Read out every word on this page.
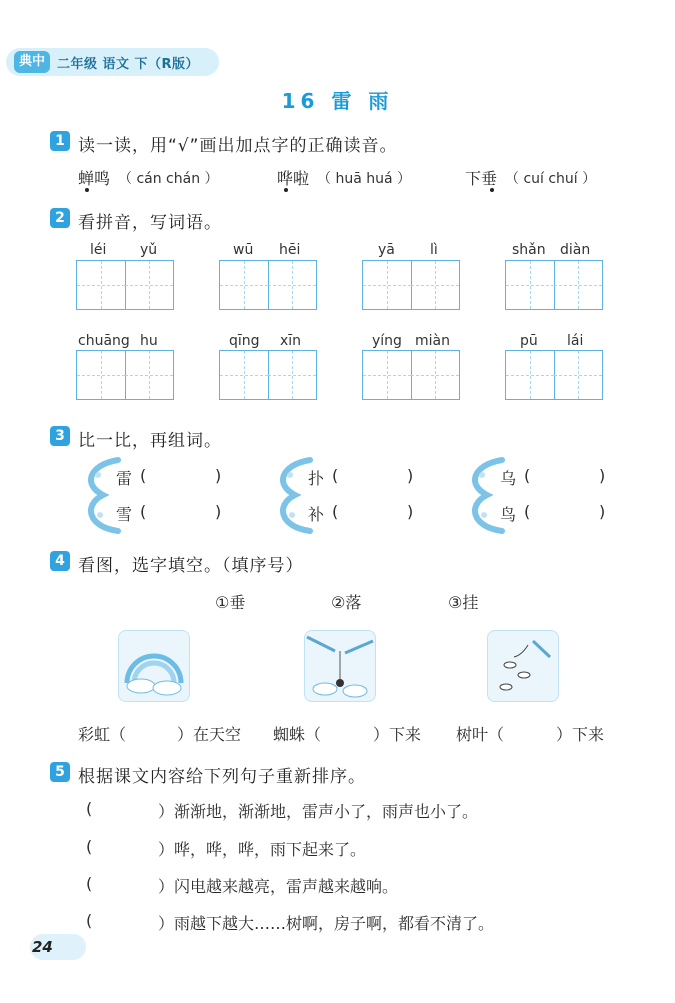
典中点
二年级 语文 下（R版）
16 雷 雨
1 读一读，用“√”画出加点字的正确读音。
蝉鸣 （ cán chán ）	哗啦 （ huā huá ）	下垂 （ cuí chuí ）
2 看拼音，写词语。
léi yǔ	wū hēi	yā	lì	shǎn diàn
chuāng hu	qīng xīn	yíng miàn	pū lái
3 比一比，再组词。
雷 (	)
雪 (	)
扑 (	)
补 (	)
乌 (	)
鸟 (	)
4 看图，选字填空。（填序号）
①垂	②落	③挂
彩虹（	）在天空 蜘蛛（	）下来 树叶（	）下来
5 根据课文内容给下列句子重新排序。
(	）渐渐地，渐渐地，雷声小了，雨声也小了。
(	）哗，哗，哗，雨下起来了。
(	）闪电越来越亮，雷声越来越响。
(	）雨越下越大……树啊，房子啊，都看不清了。
24
